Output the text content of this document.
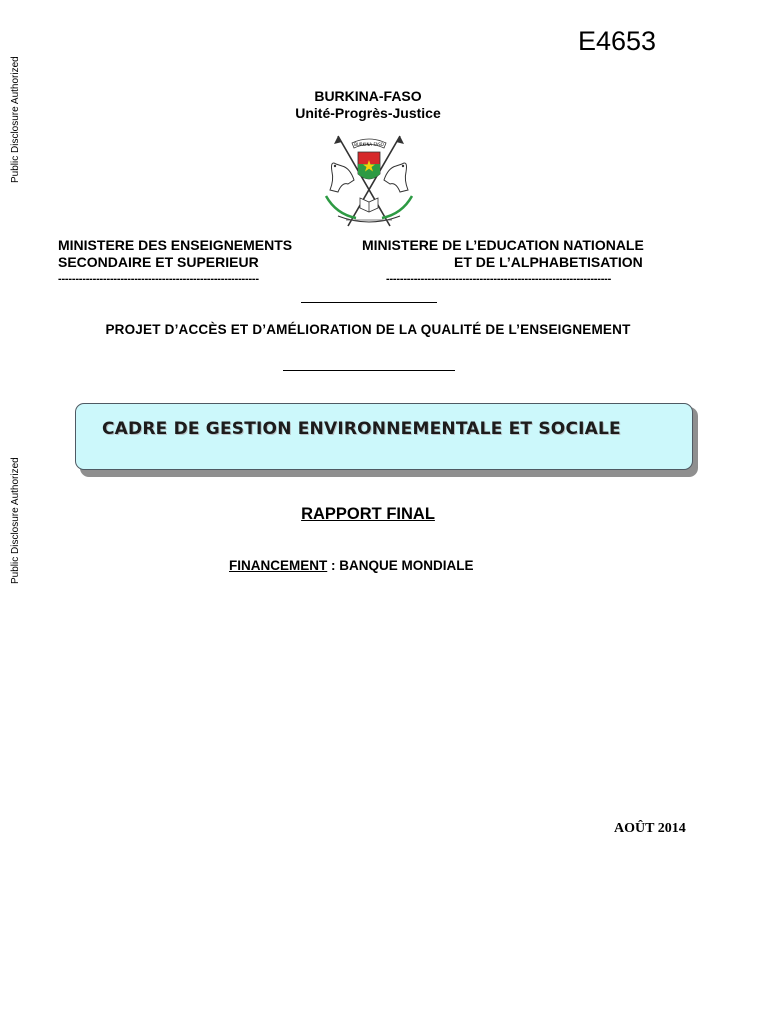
Public Disclosure Authorized
Public Disclosure Authorized
E4653
BURKINA-FASO
Unité-Progrès-Justice
BURKINA FASO
MINISTERE DES ENSEIGNEMENTS
SECONDAIRE ET SUPERIEUR
----------------------------------------------------------
MINISTERE DE L’EDUCATION NATIONALE
ET DE L’ALPHABETISATION
-----------------------------------------------------------------
PROJET D’ACCÈS ET D’AMÉLIORATION DE LA QUALITÉ DE L’ENSEIGNEMENT
CADRE DE GESTION ENVIRONNEMENTALE ET SOCIALE
RAPPORT FINAL
FINANCEMENT : BANQUE MONDIALE
AOÛT 2014
